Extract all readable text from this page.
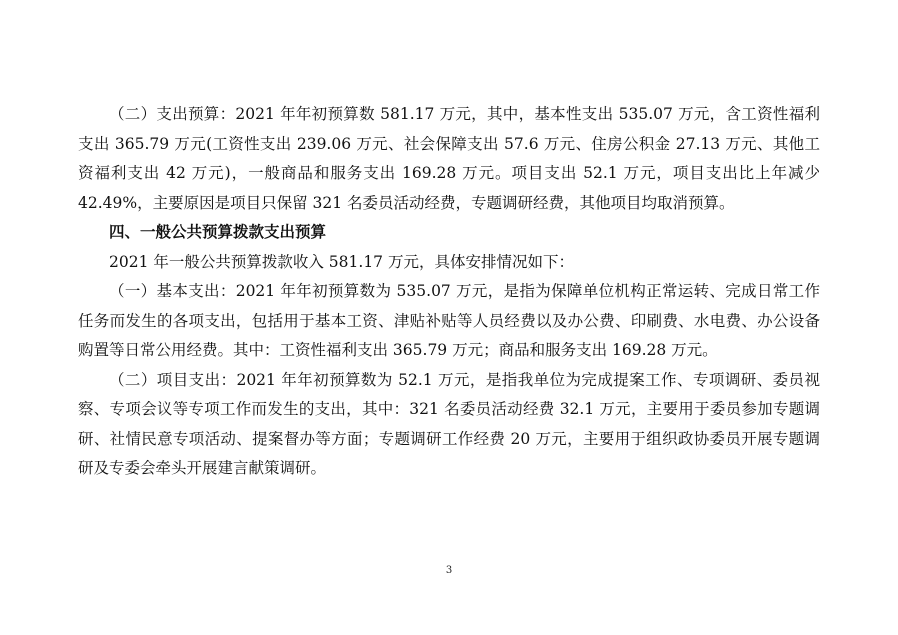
（二）支出预算：2021 年年初预算数 581.17 万元，其中，基本性支出 535.07 万元，含工资性福利支出 365.79 万元(工资性支出 239.06 万元、社会保障支出 57.6 万元、住房公积金 27.13 万元、其他工资福利支出 42 万元)，一般商品和服务支出 169.28 万元。项目支出 52.1 万元，项目支出比上年减少 42.49%，主要原因是项目只保留 321 名委员活动经费，专题调研经费，其他项目均取消预算。

四、一般公共预算拨款支出预算

2021 年一般公共预算拨款收入 581.17 万元，具体安排情况如下：

（一）基本支出：2021 年年初预算数为 535.07 万元，是指为保障单位机构正常运转、完成日常工作任务而发生的各项支出，包括用于基本工资、津贴补贴等人员经费以及办公费、印刷费、水电费、办公设备购置等日常公用经费。其中：工资性福利支出 365.79 万元；商品和服务支出 169.28 万元。

（二）项目支出：2021 年年初预算数为 52.1 万元，是指我单位为完成提案工作、专项调研、委员视察、专项会议等专项工作而发生的支出，其中：321 名委员活动经费 32.1 万元，主要用于委员参加专题调研、社情民意专项活动、提案督办等方面；专题调研工作经费 20 万元，主要用于组织政协委员开展专题调研及专委会牵头开展建言献策调研。

3
